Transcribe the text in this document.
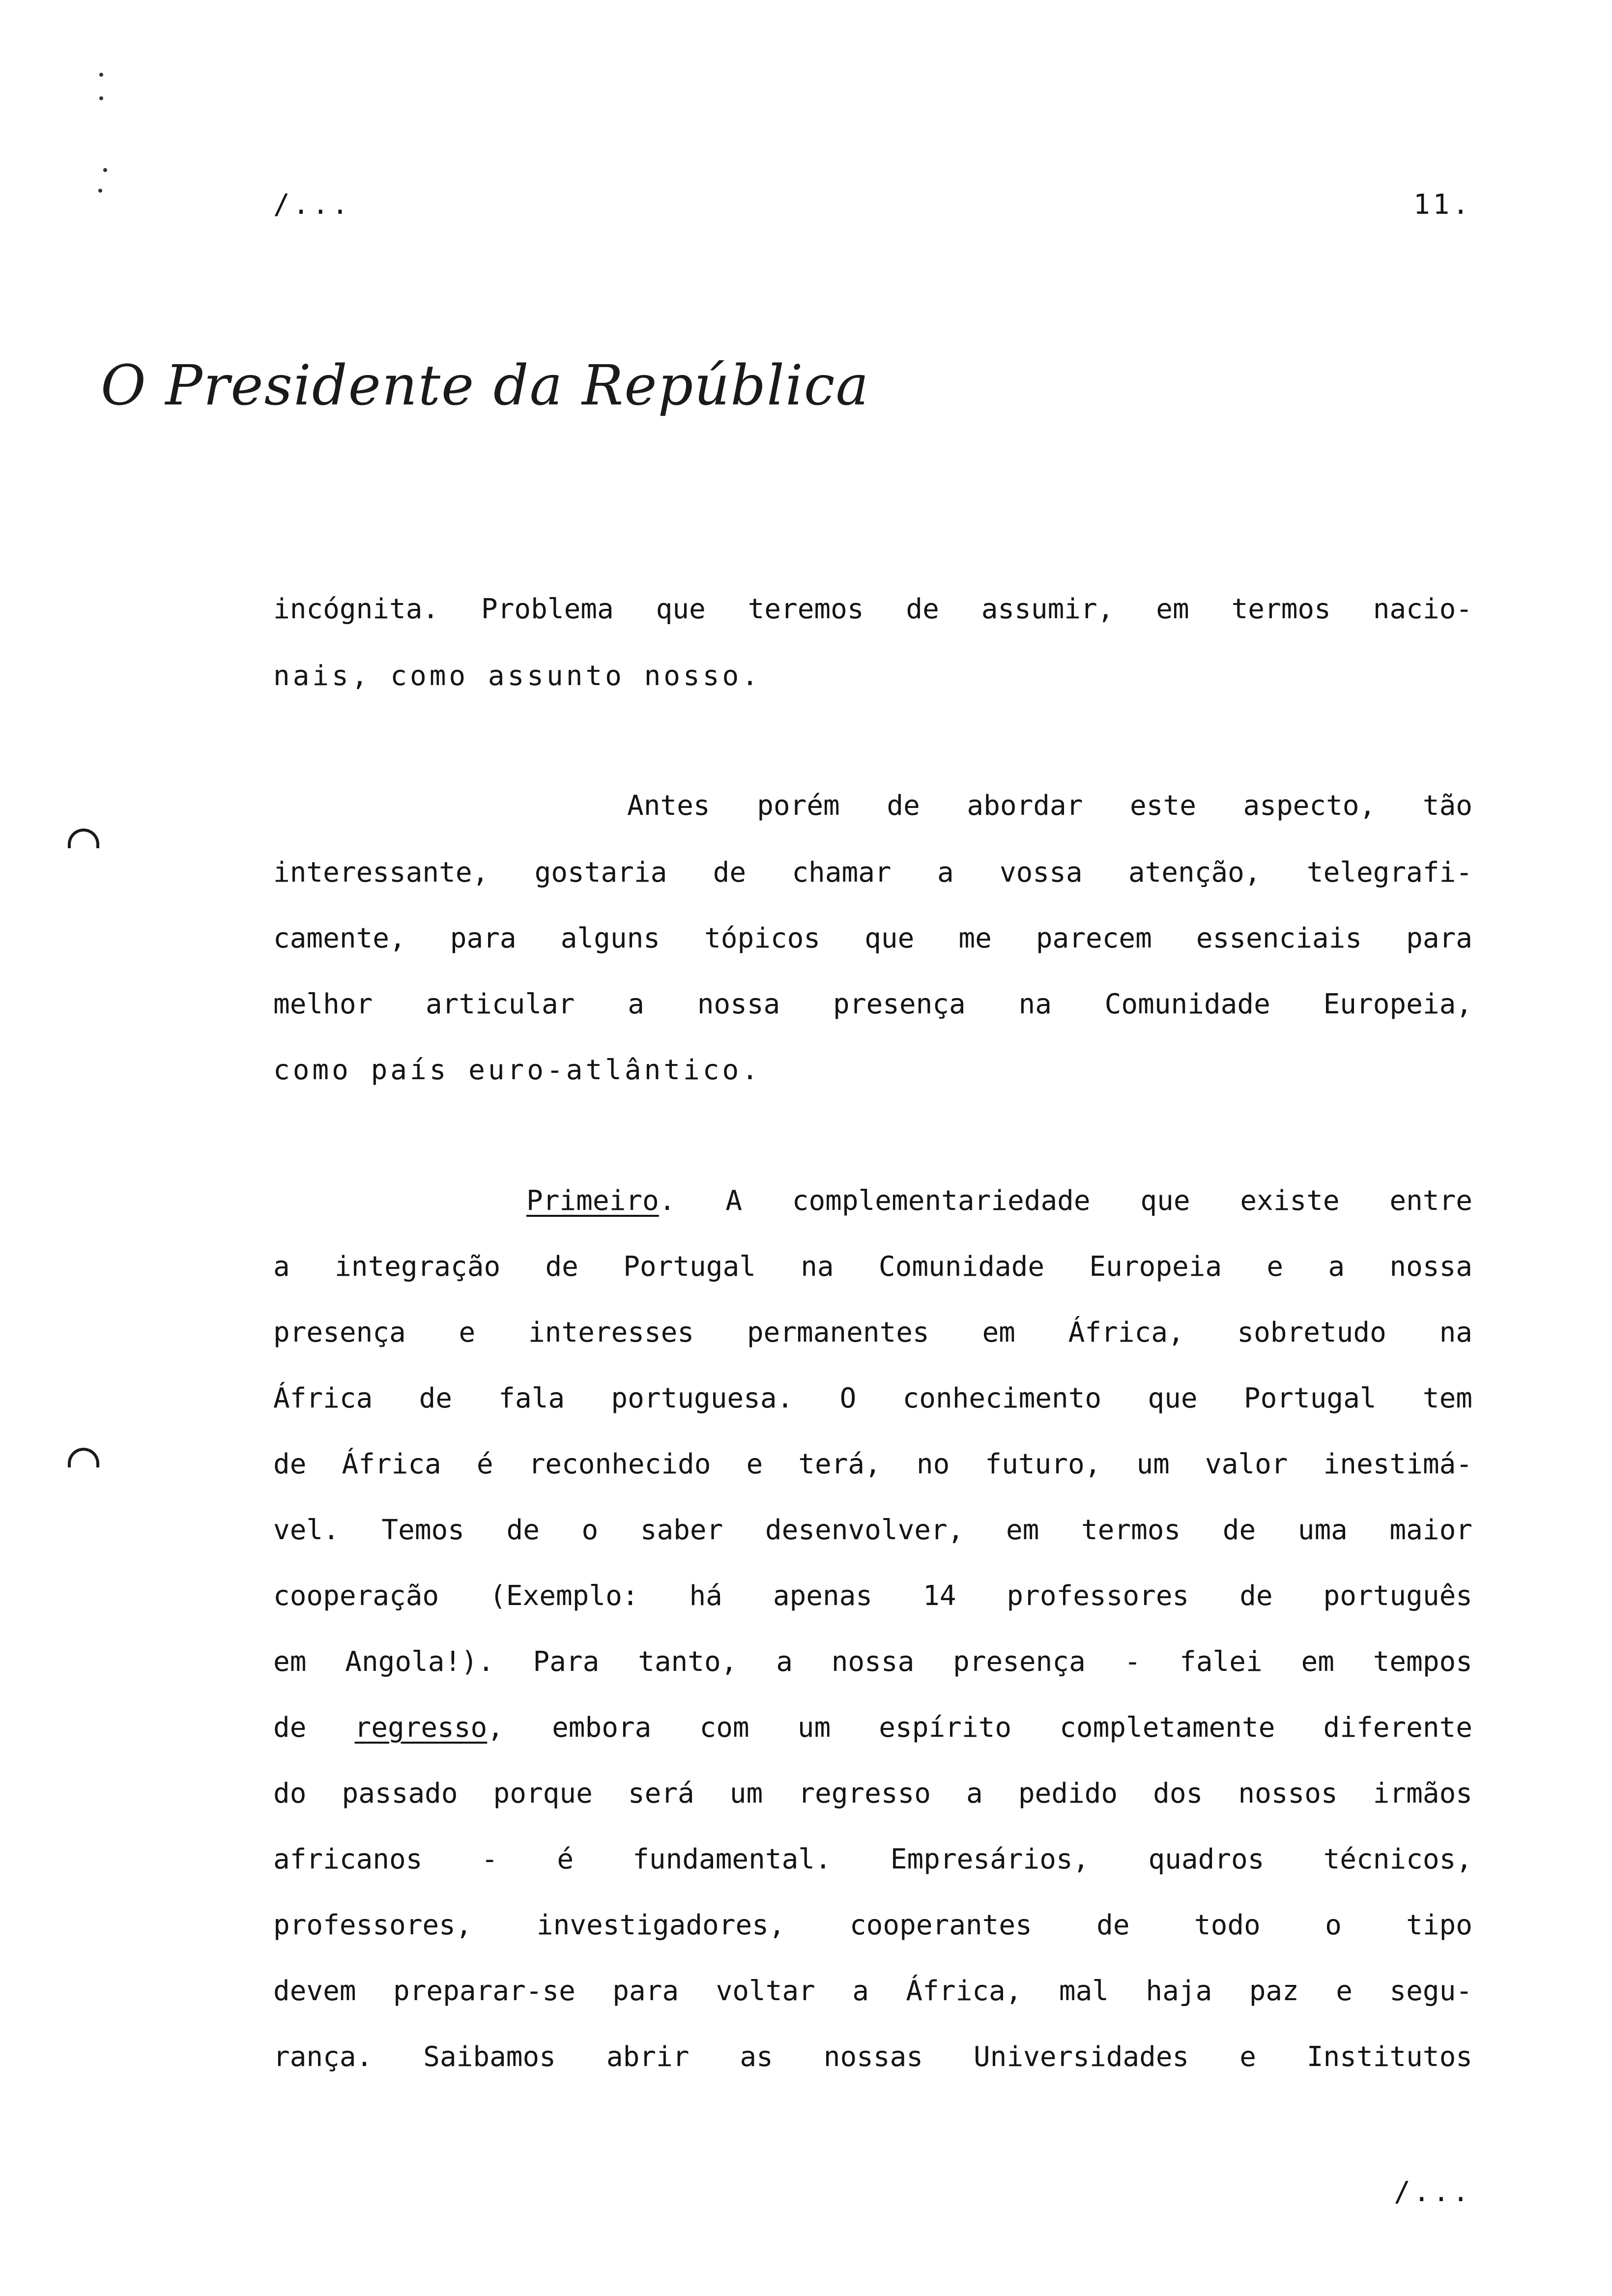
/...	11.
O Presidente da República
incógnita. Problema que teremos de assumir, em termos nacio-
nais, como assunto nosso.
Antes porém de abordar este aspecto, tão
interessante, gostaria de chamar a vossa atenção, telegrafi-
camente, para alguns tópicos que me parecem essenciais para
melhor articular a nossa presença na Comunidade Europeia,
como país euro-atlântico.
Primeiro. A complementariedade que existe entre
a integração de Portugal na Comunidade Europeia e a nossa
presença e interesses permanentes em África, sobretudo na
África de fala portuguesa. O conhecimento que Portugal tem
de África é reconhecido e terá, no futuro, um valor inestimá-
vel. Temos de o saber desenvolver, em termos de uma maior
cooperação (Exemplo: há apenas 14 professores de português
em Angola!). Para tanto, a nossa presença - falei em tempos
de regresso, embora com um espírito completamente diferente
do passado porque será um regresso a pedido dos nossos irmãos
africanos - é fundamental. Empresários, quadros técnicos,
professores, investigadores, cooperantes de todo o tipo
devem preparar-se para voltar a África, mal haja paz e segu-
rança. Saibamos abrir as nossas Universidades e Institutos
/...
